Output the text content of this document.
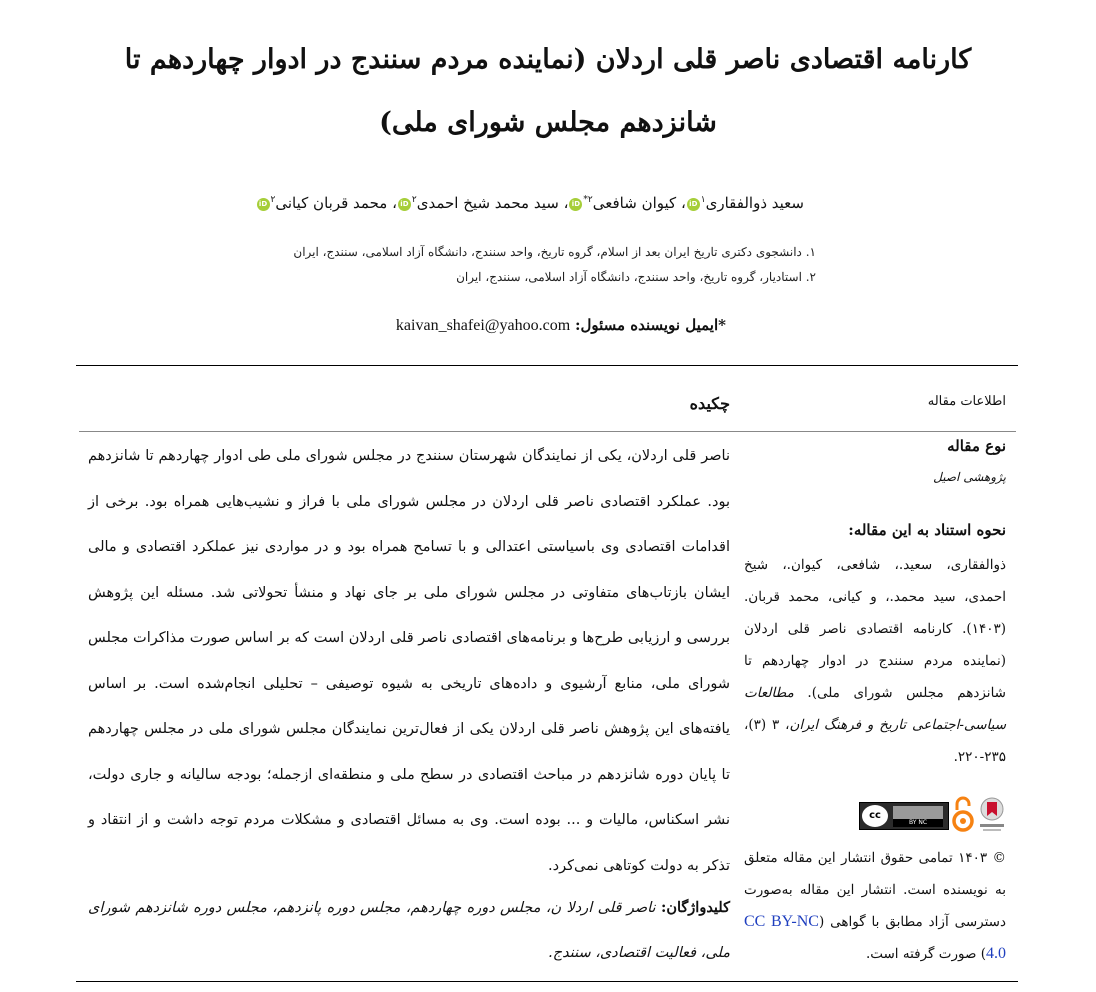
کارنامه اقتصادی ناصر قلی اردلان (نماینده مردم سنندج در ادوار چهاردهم تا شانزدهم مجلس شورای ملی)
سعید ذوالفقاری$^۱$iD، کیوان شافعی$^{۲*}$iD، سید محمد شیخ احمدی$^۲$iD، محمد قربان کیانی$^۲$iD
۱. دانشجوی دکتری تاریخ ایران بعد از اسلام، گروه تاریخ، واحد سنندج، دانشگاه آزاد اسلامی، سنندج، ایران
۲. استادیار، گروه تاریخ، واحد سنندج، دانشگاه آزاد اسلامی، سنندج، ایران
*ایمیل نویسنده مسئول: kaivan_shafei@yahoo.com
اطلاعات مقاله
نوع مقاله
پژوهشی اصیل
نحوه استناد به این مقاله:
ذوالفقاری، سعید.، شافعی، کیوان.، شیخ احمدی، سید محمد.، و کیانی، محمد قربان. (۱۴۰۳). کارنامه اقتصادی ناصر قلی اردلان (نماینده مردم سنندج در ادوار چهاردهم تا شانزدهم مجلس شورای ملی). مطالعات سیاسی-اجتماعی تاریخ و فرهنگ ایران، ۳ (۳)، ۲۳۵-۲۲۰.
cc
BY NC
© ۱۴۰۳ تمامی حقوق انتشار این مقاله متعلق به نویسنده است. انتشار این مقاله به‌صورت دسترسی آزاد مطابق با گواهی (CC BY-NC 4.0) صورت گرفته است.
چکیده
ناصر قلی اردلان، یکی از نمایندگان شهرستان سنندج در مجلس شورای ملی طی ادوار چهاردهم تا شانزدهم بود. عملکرد اقتصادی ناصر قلی اردلان در مجلس شورای ملی با فراز و نشیب‌هایی همراه بود. برخی از اقدامات اقتصادی وی باسیاستی اعتدالی و با تسامح همراه بود و در مواردی نیز عملکرد اقتصادی و مالی ایشان بازتاب‌های متفاوتی در مجلس شورای ملی بر جای نهاد و منشأ تحولاتی شد. مسئله این پژوهش بررسی و ارزیابی طرح‌ها و برنامه‌های اقتصادی ناصر قلی اردلان است که بر اساس صورت مذاکرات مجلس شورای ملی، منابع آرشیوی و داده‌های تاریخی به شیوه توصیفی – تحلیلی انجام‌شده است. بر اساس یافته‌های این پژوهش ناصر قلی اردلان یکی از فعال‌ترین نمایندگان مجلس شورای ملی در مجلس چهاردهم تا پایان دوره شانزدهم در مباحث اقتصادی در سطح ملی و منطقه‌ای ازجمله؛ بودجه سالیانه و جاری دولت، نشر اسکناس، مالیات و ... بوده است. وی به مسائل اقتصادی و مشکلات مردم توجه داشت و از انتقاد و تذکر به دولت کوتاهی نمی‌کرد.
کلیدواژگان: ناصر قلی اردلا ن، مجلس دوره چهاردهم، مجلس دوره پانزدهم، مجلس دوره شانزدهم شورای ملی، فعالیت اقتصادی، سنندج.
